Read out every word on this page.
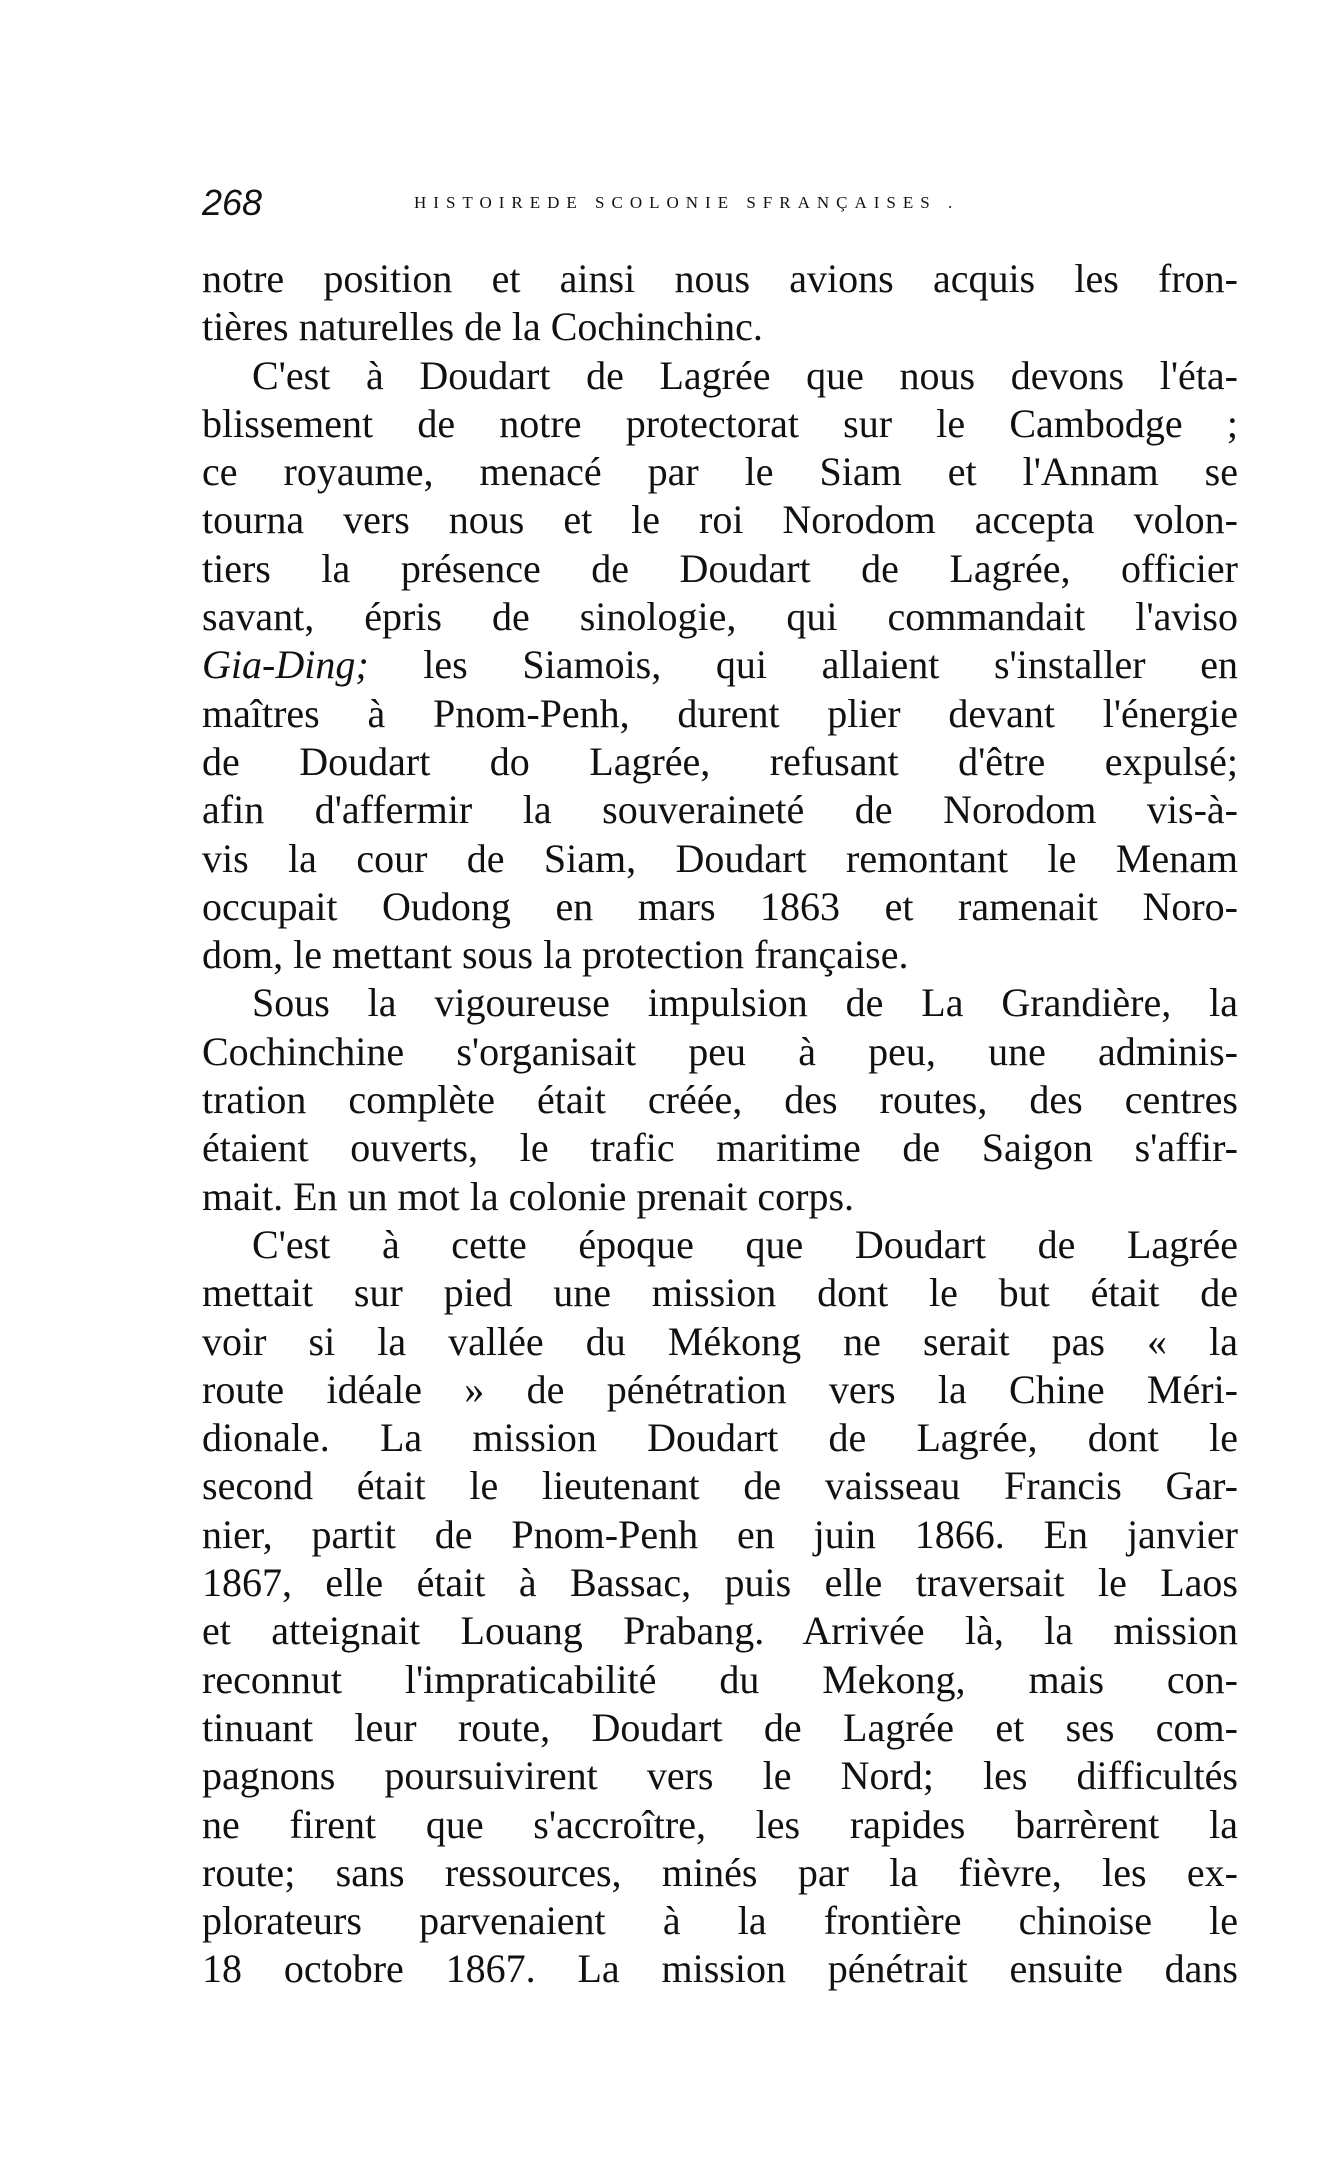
268	HISTOIREDE SCOLONIE SFRANÇAISES .
notre position et ainsi nous avions acquis les fron-
tières naturelles de la Cochinchinc.
C'est à Doudart de Lagrée que nous devons l'éta-
blissement de notre protectorat sur le Cambodge ;
ce royaume, menacé par le Siam et l'Annam se
tourna vers nous et le roi Norodom accepta volon-
tiers la présence de Doudart de Lagrée, officier
savant, épris de sinologie, qui commandait l'aviso
Gia-Ding; les Siamois, qui allaient s'installer en
maîtres à Pnom-Penh, durent plier devant l'énergie
de Doudart do Lagrée, refusant d'être expulsé;
afin d'affermir la souveraineté de Norodom vis-à-
vis la cour de Siam, Doudart remontant le Menam
occupait Oudong en mars 1863 et ramenait Noro-
dom, le mettant sous la protection française.
Sous la vigoureuse impulsion de La Grandière, la
Cochinchine s'organisait peu à peu, une adminis-
tration complète était créée, des routes, des centres
étaient ouverts, le trafic maritime de Saigon s'affir-
mait. En un mot la colonie prenait corps.
C'est à cette époque que Doudart de Lagrée
mettait sur pied une mission dont le but était de
voir si la vallée du Mékong ne serait pas « la
route idéale » de pénétration vers la Chine Méri-
dionale. La mission Doudart de Lagrée, dont le
second était le lieutenant de vaisseau Francis Gar-
nier, partit de Pnom-Penh en juin 1866. En janvier
1867, elle était à Bassac, puis elle traversait le Laos
et atteignait Louang Prabang. Arrivée là, la mission
reconnut l'impraticabilité du Mekong, mais con-
tinuant leur route, Doudart de Lagrée et ses com-
pagnons poursuivirent vers le Nord; les difficultés
ne firent que s'accroître, les rapides barrèrent la
route; sans ressources, minés par la fièvre, les ex-
plorateurs parvenaient à la frontière chinoise le
18 octobre 1867. La mission pénétrait ensuite dans
